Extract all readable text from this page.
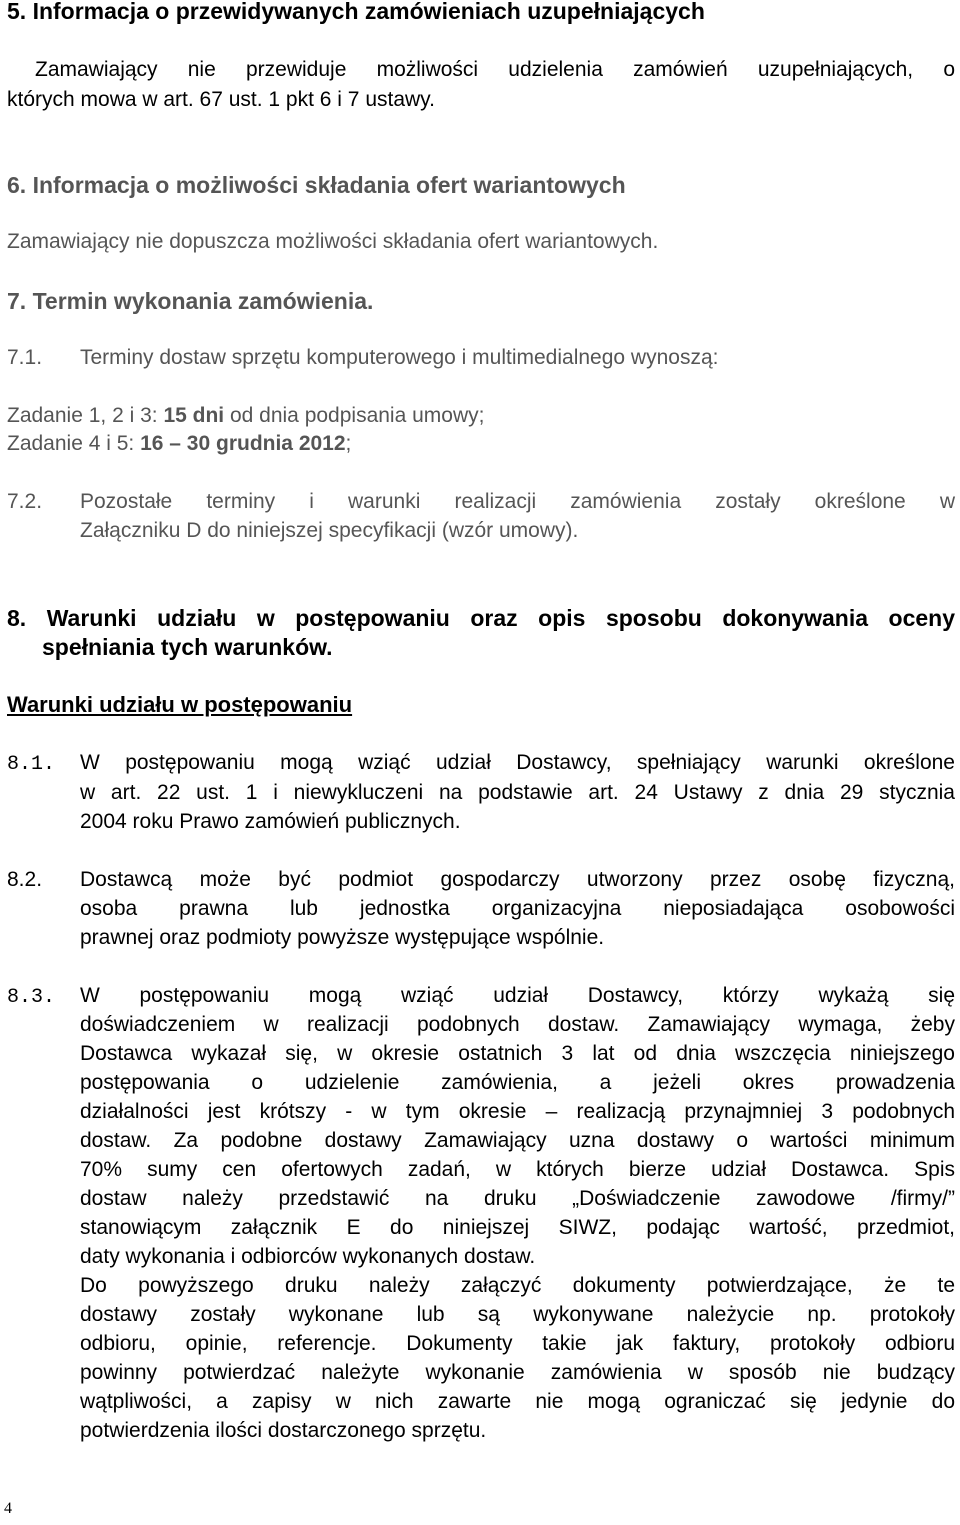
5. Informacja o przewidywanych zamówieniach uzupełniających
Zamawiający nie przewiduje możliwości udzielenia zamówień uzupełniających, o
których mowa w art. 67 ust. 1 pkt 6 i 7 ustawy.
6. Informacja o możliwości składania ofert wariantowych
Zamawiający nie dopuszcza możliwości składania ofert wariantowych.
7. Termin wykonania zamówienia.
7.1. Terminy dostaw sprzętu komputerowego i multimedialnego wynoszą:
Zadanie 1, 2 i 3: 15 dni od dnia podpisania umowy;
Zadanie 4 i 5: 16 – 30 grudnia 2012;
7.2. Pozostałe terminy i warunki realizacji zamówienia zostały określone w
Załączniku D do niniejszej specyfikacji (wzór umowy).
8. Warunki udziału w postępowaniu oraz opis sposobu dokonywania oceny
spełniania tych warunków.
Warunki udziału w postępowaniu
8.1. W postępowaniu mogą wziąć udział Dostawcy, spełniający warunki określone
w art. 22 ust. 1 i niewykluczeni na podstawie art. 24 Ustawy z dnia 29 stycznia
2004 roku Prawo zamówień publicznych.
8.2. Dostawcą może być podmiot gospodarczy utworzony przez osobę fizyczną,
osoba prawna lub jednostka organizacyjna nieposiadająca osobowości
prawnej oraz podmioty powyższe występujące wspólnie.
8.3. W postępowaniu mogą wziąć udział Dostawcy, którzy wykażą się
doświadczeniem w realizacji podobnych dostaw. Zamawiający wymaga, żeby
Dostawca wykazał się, w okresie ostatnich 3 lat od dnia wszczęcia niniejszego
postępowania o udzielenie zamówienia, a jeżeli okres prowadzenia
działalności jest krótszy - w tym okresie – realizacją przynajmniej 3 podobnych
dostaw. Za podobne dostawy Zamawiający uzna dostawy o wartości minimum
70% sumy cen ofertowych zadań, w których bierze udział Dostawca. Spis
dostaw należy przedstawić na druku „Doświadczenie zawodowe /firmy/”
stanowiącym załącznik E do niniejszej SIWZ, podając wartość, przedmiot,
daty wykonania i odbiorców wykonanych dostaw.
Do powyższego druku należy załączyć dokumenty potwierdzające, że te
dostawy zostały wykonane lub są wykonywane należycie np. protokoły
odbioru, opinie, referencje. Dokumenty takie jak faktury, protokoły odbioru
powinny potwierdzać należyte wykonanie zamówienia w sposób nie budzący
wątpliwości, a zapisy w nich zawarte nie mogą ograniczać się jedynie do
potwierdzenia ilości dostarczonego sprzętu.
4
